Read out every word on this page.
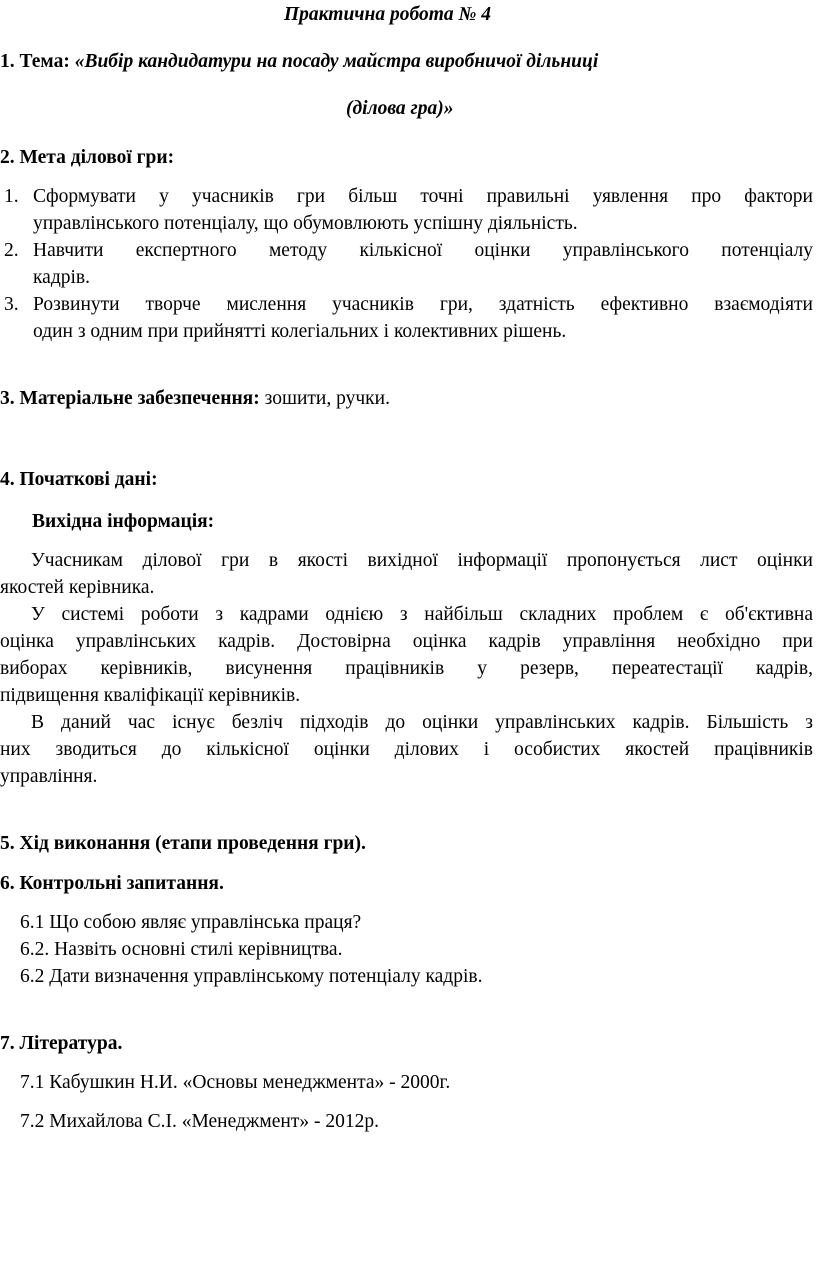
Практична робота № 4
1. Тема: «Вибір кандидатури на посаду майстра виробничої дільниці
(ділова гра)»
2. Мета ділової гри:
1. Сформувати у учасників гри більш точні правильні уявлення про фактори
управлінського потенціалу, що обумовлюють успішну діяльність.
2. Навчити експертного методу кількісної оцінки управлінського потенціалу
кадрів.
3. Розвинути творче мислення учасників гри, здатність ефективно взаємодіяти
один з одним при прийнятті колегіальних і колективних рішень.
3. Матеріальне забезпечення: зошити, ручки.
4. Початкові дані:
Вихідна інформація:
Учасникам ділової гри в якості вихідної інформації пропонується лист оцінки
якостей керівника.
У системі роботи з кадрами однією з найбільш складних проблем є об'єктивна
оцінка управлінських кадрів. Достовірна оцінка кадрів управління необхідно при
виборах керівників, висунення працівників у резерв, переатестації кадрів,
підвищення кваліфікації керівників.
В даний час існує безліч підходів до оцінки управлінських кадрів. Більшість з
них зводиться до кількісної оцінки ділових і особистих якостей працівників
управління.
5. Хід виконання (етапи проведення гри).
6. Контрольні запитання.
6.1 Що собою являє управлінська праця?
6.2. Назвіть основні стилі керівництва.
6.2 Дати визначення управлінському потенціалу кадрів.
7. Література.
7.1 Кабушкин Н.И. «Основы менеджмента» - 2000г.
7.2 Михайлова С.І. «Менеджмент» - 2012р.
